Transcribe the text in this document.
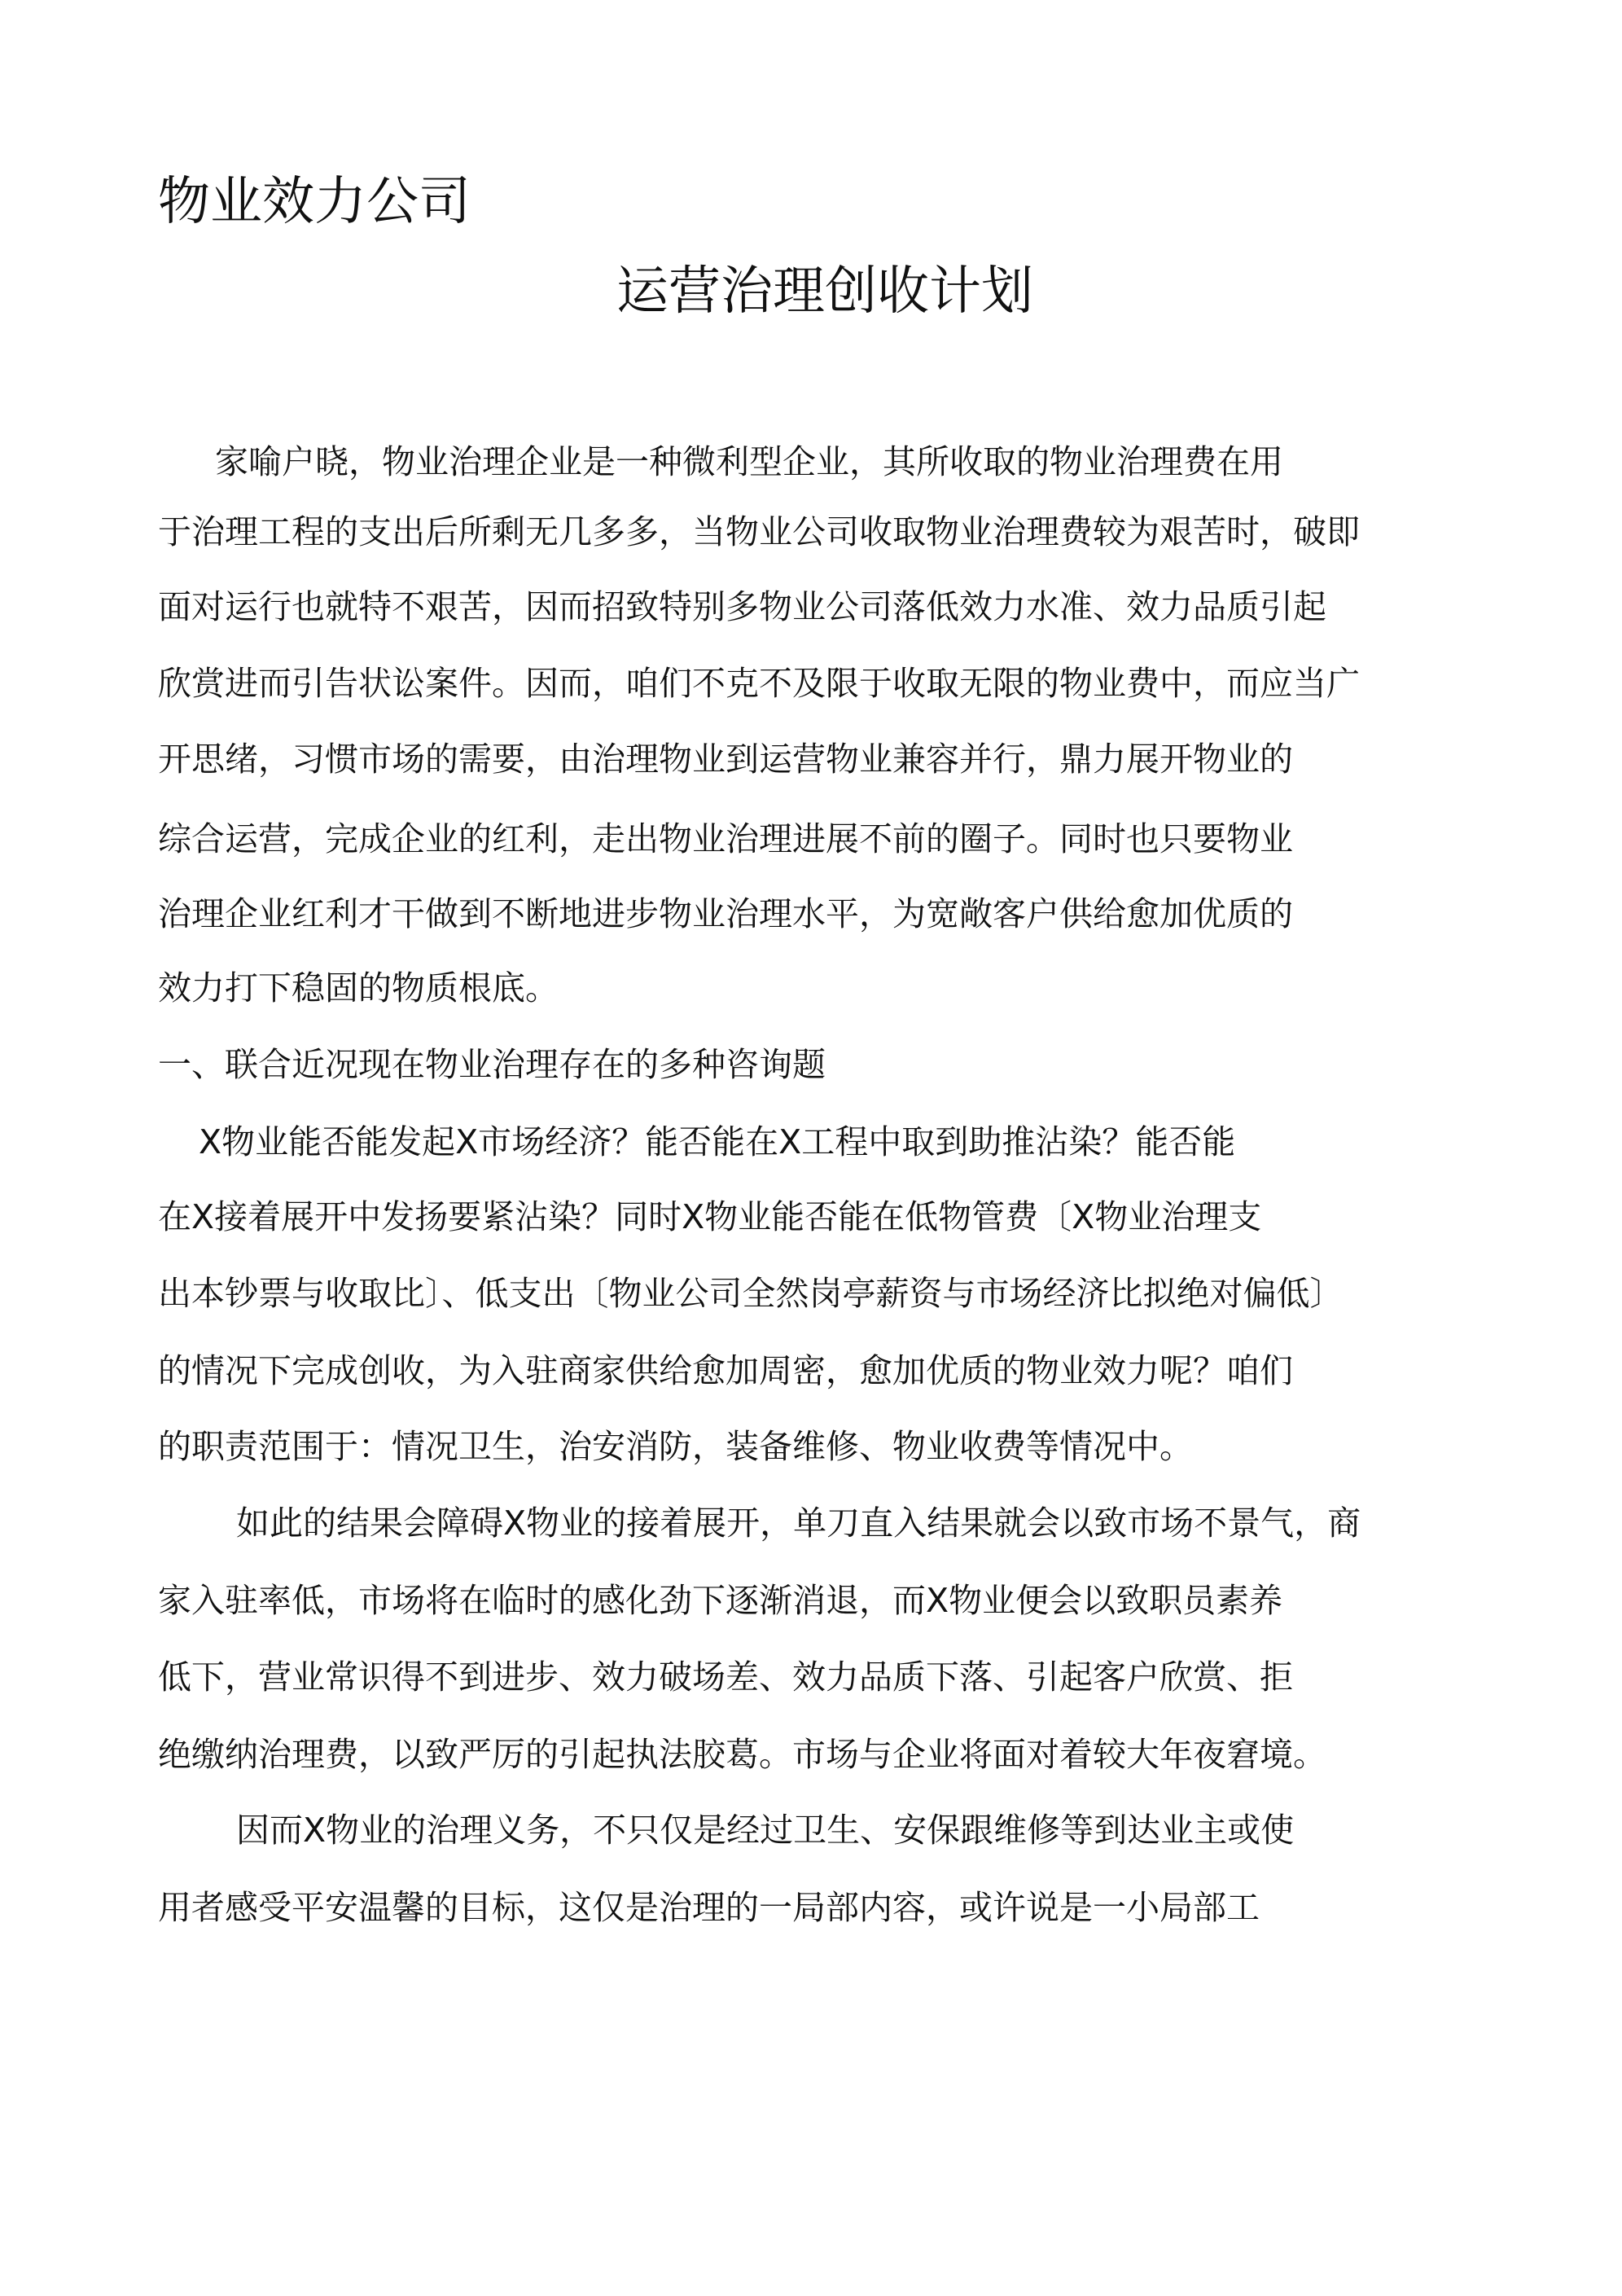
物业效力公司
运营治理创收计划

家喻户晓，物业治理企业是一种微利型企业，其所收取的物业治理费在用

于治理工程的支出后所剩无几多多，当物业公司收取物业治理费较为艰苦时，破即

面对运行也就特不艰苦，因而招致特别多物业公司落低效力水准、效力品质引起

欣赏进而引告状讼案件。因而，咱们不克不及限于收取无限的物业费中，而应当广

开思绪，习惯市场的需要，由治理物业到运营物业兼容并行，鼎力展开物业的

综合运营，完成企业的红利，走出物业治理进展不前的圈子。同时也只要物业

治理企业红利才干做到不断地进步物业治理水平，为宽敞客户供给愈加优质的

效力打下稳固的物质根底。

一、联合近况现在物业治理存在的多种咨询题

X物业能否能发起X市场经济？能否能在X工程中取到助推沾染？能否能

在X接着展开中发扬要紧沾染？同时X物业能否能在低物管费〔X物业治理支

出本钞票与收取比〕、低支出〔物业公司全然岗亭薪资与市场经济比拟绝对偏低〕

的情况下完成创收，为入驻商家供给愈加周密，愈加优质的物业效力呢？咱们

的职责范围于：情况卫生，治安消防，装备维修、物业收费等情况中。

如此的结果会障碍X物业的接着展开，单刀直入结果就会以致市场不景气，商

家入驻率低，市场将在临时的感化劲下逐渐消退，而X物业便会以致职员素养

低下，营业常识得不到进步、效力破场差、效力品质下落、引起客户欣赏、拒

绝缴纳治理费，以致严厉的引起执法胶葛。市场与企业将面对着较大年夜窘境。

因而X物业的治理义务，不只仅是经过卫生、安保跟维修等到达业主或使

用者感受平安温馨的目标，这仅是治理的一局部内容，或许说是一小局部工
